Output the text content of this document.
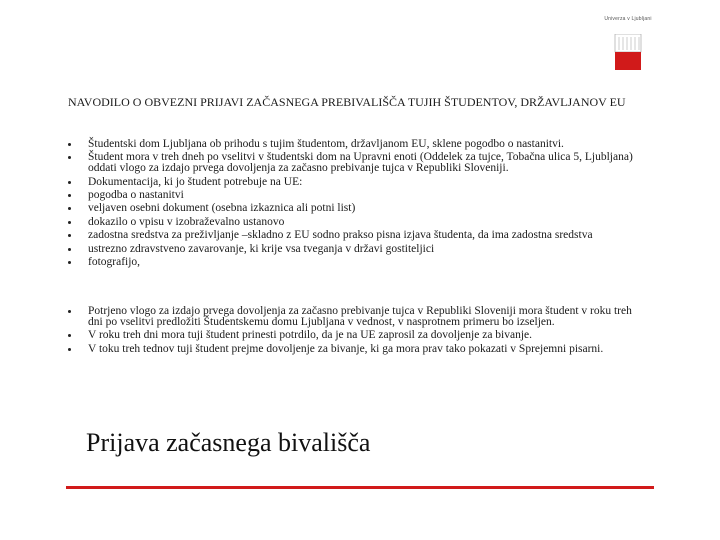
Univerza v Ljubljani
NAVODILO O OBVEZNI PRIJAVI ZAČASNEGA PREBIVALIŠČA TUJIH ŠTUDENTOV, DRŽAVLJANOV EU
Študentski dom Ljubljana ob prihodu s tujim študentom, državljanom EU, sklene pogodbo o nastanitvi.
Študent mora v treh dneh po vselitvi v študentski dom na Upravni enoti (Oddelek za tujce, Tobačna ulica 5, Ljubljana) oddati vlogo za izdajo prvega dovoljenja za začasno prebivanje tujca v Republiki Sloveniji.
Dokumentacija, ki jo študent potrebuje na UE:
pogodba o nastanitvi
veljaven osebni dokument (osebna izkaznica ali potni list)
dokazilo o vpisu v izobraževalno ustanovo
zadostna sredstva za preživljanje –skladno z EU sodno prakso pisna izjava študenta, da ima zadostna sredstva
ustrezno zdravstveno zavarovanje, ki krije vsa tveganja v državi gostiteljici
fotografijo,
Potrjeno vlogo za izdajo prvega dovoljenja za začasno prebivanje tujca v Republiki Sloveniji mora študent v roku treh dni po vselitvi predložiti Študentskemu domu Ljubljana v vednost, v nasprotnem primeru bo izseljen.
V roku treh dni mora tuji študent prinesti potrdilo, da je na UE zaprosil za dovoljenje za bivanje.
V toku treh tednov tuji študent prejme dovoljenje za bivanje, ki ga mora prav tako pokazati v Sprejemni pisarni.
Prijava začasnega bivališča
